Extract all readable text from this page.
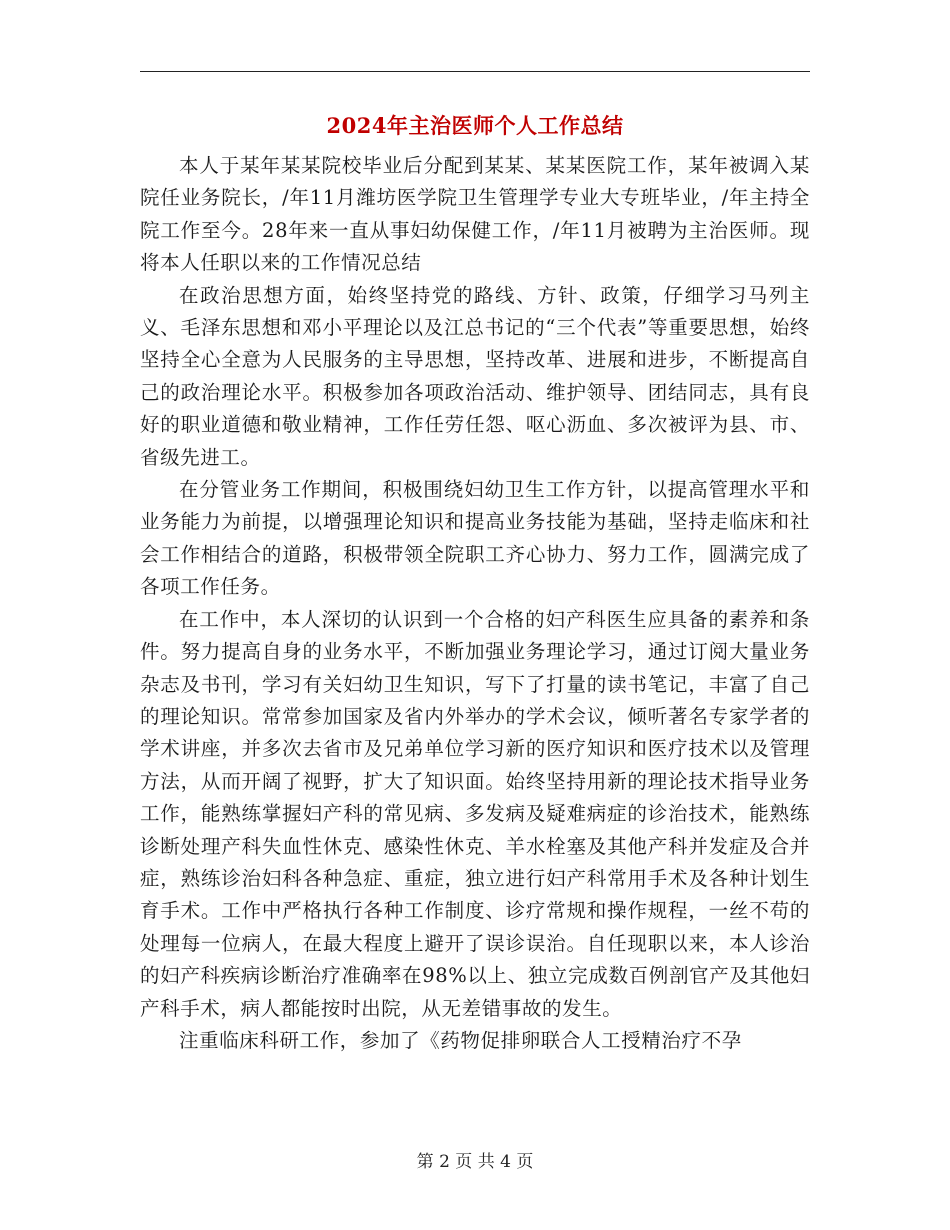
2024年主治医师个人工作总结

本人于某年某某院校毕业后分配到某某、某某医院工作，某年被调入某院任业务院长，/年11月潍坊医学院卫生管理学专业大专班毕业，/年主持全院工作至今。28年来一直从事妇幼保健工作，/年11月被聘为主治医师。现将本人任职以来的工作情况总结

在政治思想方面，始终坚持党的路线、方针、政策，仔细学习马列主义、毛泽东思想和邓小平理论以及江总书记的“三个代表”等重要思想，始终坚持全心全意为人民服务的主导思想，坚持改革、进展和进步，不断提高自己的政治理论水平。积极参加各项政治活动、维护领导、团结同志，具有良好的职业道德和敬业精神，工作任劳任怨、呕心沥血、多次被评为县、市、省级先进工。

在分管业务工作期间，积极围绕妇幼卫生工作方针，以提高管理水平和业务能力为前提，以增强理论知识和提高业务技能为基础，坚持走临床和社会工作相结合的道路，积极带领全院职工齐心协力、努力工作，圆满完成了各项工作任务。

在工作中，本人深切的认识到一个合格的妇产科医生应具备的素养和条件。努力提高自身的业务水平，不断加强业务理论学习，通过订阅大量业务杂志及书刊，学习有关妇幼卫生知识，写下了打量的读书笔记，丰富了自己的理论知识。常常参加国家及省内外举办的学术会议，倾听著名专家学者的学术讲座，并多次去省市及兄弟单位学习新的医疗知识和医疗技术以及管理方法，从而开阔了视野，扩大了知识面。始终坚持用新的理论技术指导业务工作，能熟练掌握妇产科的常见病、多发病及疑难病症的诊治技术，能熟练诊断处理产科失血性休克、感染性休克、羊水栓塞及其他产科并发症及合并症，熟练诊治妇科各种急症、重症，独立进行妇产科常用手术及各种计划生育手术。工作中严格执行各种工作制度、诊疗常规和操作规程，一丝不苟的处理每一位病人，在最大程度上避开了误诊误治。自任现职以来，本人诊治的妇产科疾病诊断治疗准确率在98%以上、独立完成数百例剖官产及其他妇产科手术，病人都能按时出院，从无差错事故的发生。

注重临床科研工作，参加了《药物促排卵联合人工授精治疗不孕

第 2 页 共 4 页
